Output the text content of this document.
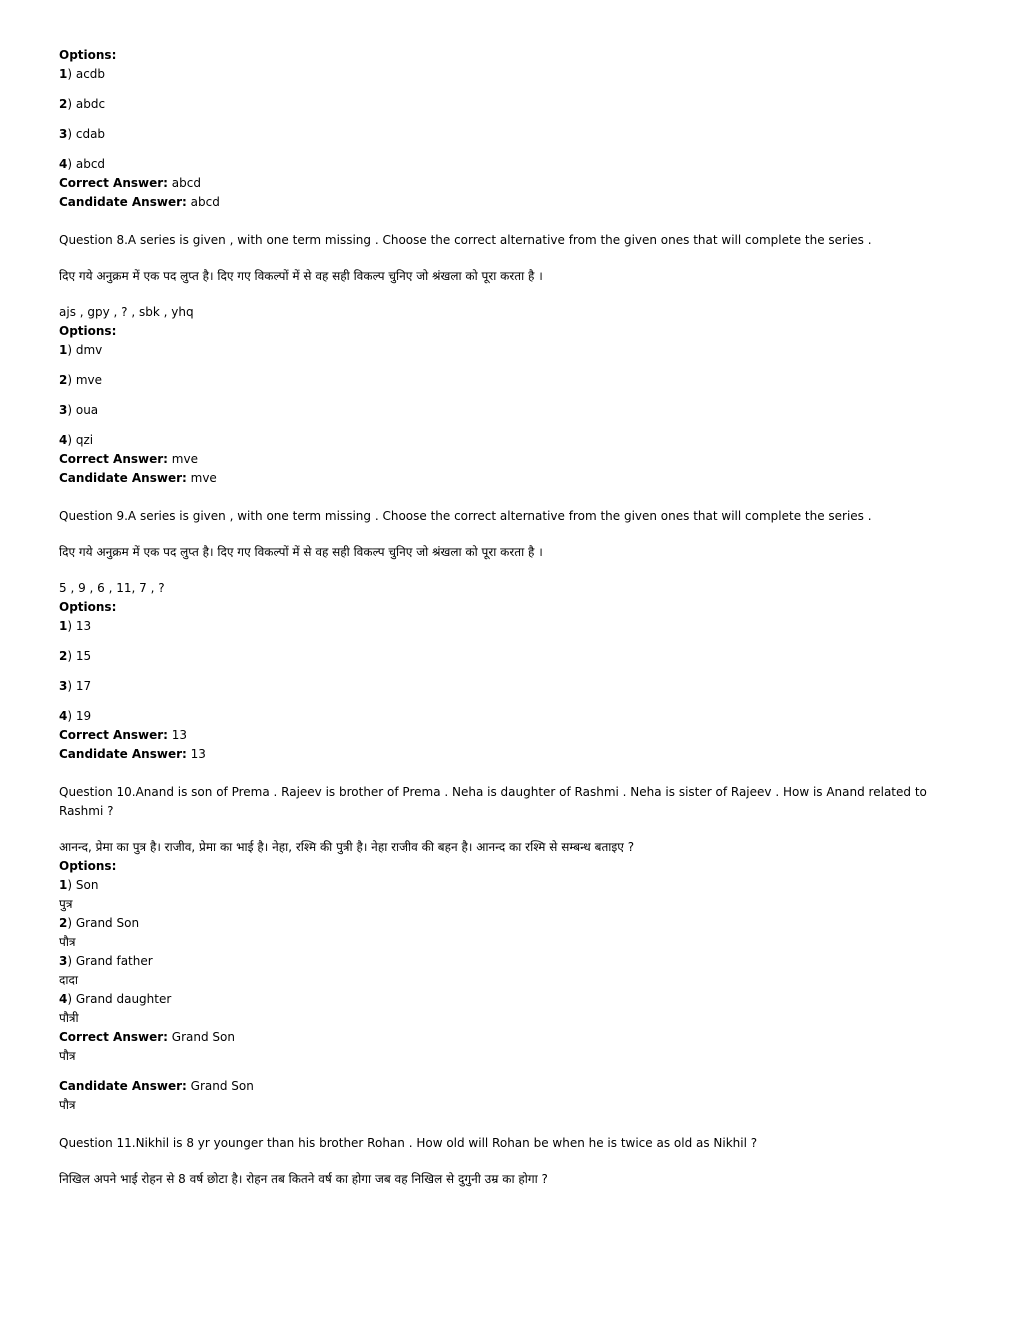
Options:

1) acdb

2) abdc

3) cdab

4) abcd

Correct Answer: abcd

Candidate Answer: abcd

Question 8.A series is given , with one term missing . Choose the correct alternative from the given ones that will complete the series .

दिए गये अनुक्रम में एक पद लुप्त है। दिए गए विकल्पों में से वह सही विकल्प चुनिए जो श्रंखला को पूरा करता है ।

ajs , gpy , ? , sbk , yhq

Options:

1) dmv

2) mve

3) oua

4) qzi

Correct Answer: mve

Candidate Answer: mve

Question 9.A series is given , with one term missing . Choose the correct alternative from the given ones that will complete the series .

दिए गये अनुक्रम में एक पद लुप्त है। दिए गए विकल्पों में से वह सही विकल्प चुनिए जो श्रंखला को पूरा करता है ।

5 , 9 , 6 , 11, 7 , ?

Options:

1) 13

2) 15

3) 17

4) 19

Correct Answer: 13

Candidate Answer: 13

Question 10.Anand is son of Prema . Rajeev is brother of Prema . Neha is daughter of Rashmi . Neha is sister of Rajeev . How is Anand related to Rashmi ?

आनन्द, प्रेमा का पुत्र है। राजीव, प्रेमा का भाई है। नेहा, रश्मि की पुत्री है। नेहा राजीव की बहन है। आनन्द का रश्मि से सम्बन्ध बताइए ?

Options:

1) Son

पुत्र

2) Grand Son

पौत्र

3) Grand father

दादा

4) Grand daughter

पौत्री

Correct Answer: Grand Son

पौत्र

Candidate Answer: Grand Son

पौत्र

Question 11.Nikhil is 8 yr younger than his brother Rohan . How old will Rohan be when he is twice as old as Nikhil ?

निखिल अपने भाई रोहन से 8 वर्ष छोटा है। रोहन तब कितने वर्ष का होगा जब वह निखिल से दुगुनी उम्र का होगा ?
